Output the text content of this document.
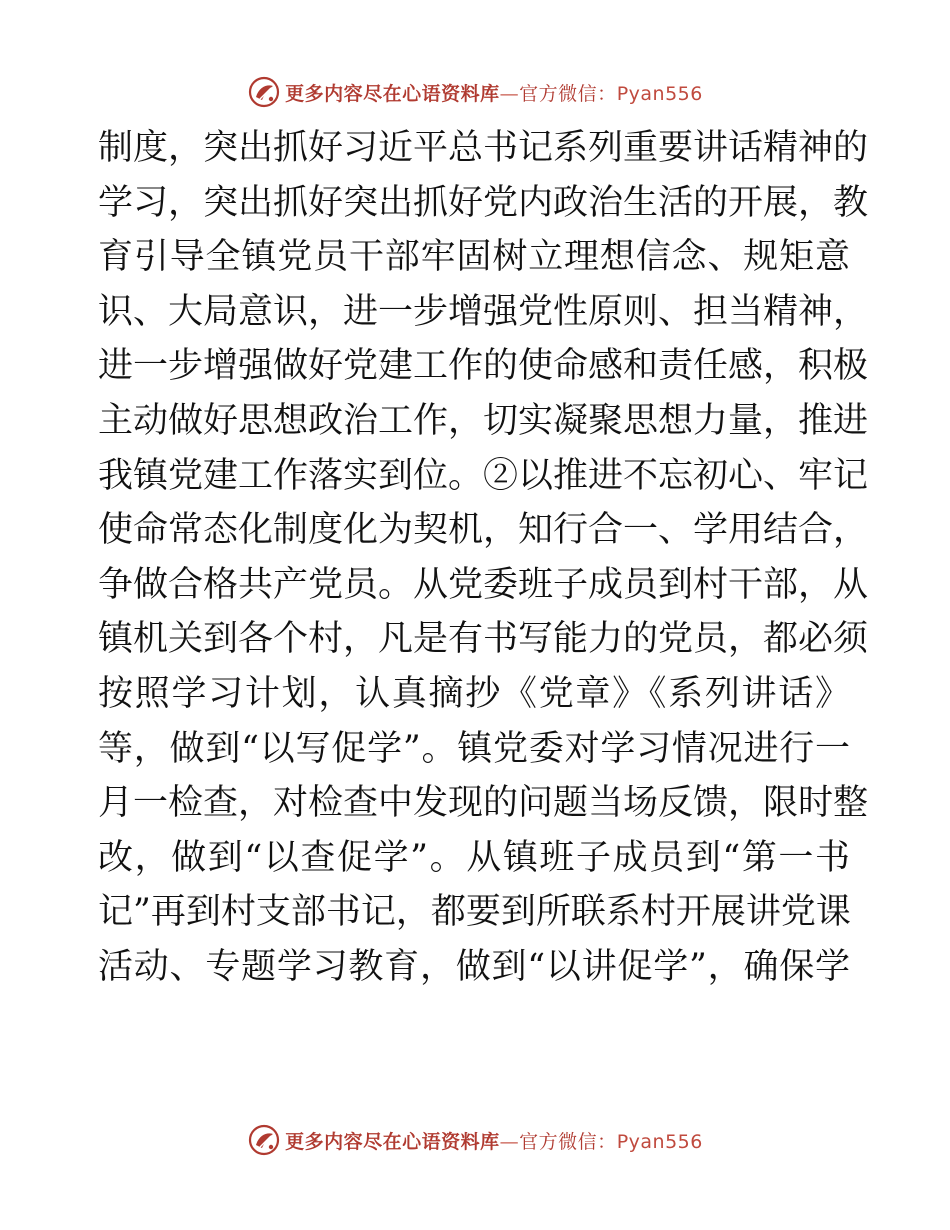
更多内容尽在心语资料库—官方微信：Pyan556
制度，突出抓好习近平总书记系列重要讲话精神的
学习，突出抓好突出抓好党内政治生活的开展，教
育引导全镇党员干部牢固树立理想信念、规矩意
识、大局意识，进一步增强党性原则、担当精神，
进一步增强做好党建工作的使命感和责任感，积极
主动做好思想政治工作，切实凝聚思想力量，推进
我镇党建工作落实到位。②以推进不忘初心、牢记
使命常态化制度化为契机，知行合一、学用结合，
争做合格共产党员。从党委班子成员到村干部，从
镇机关到各个村，凡是有书写能力的党员，都必须
按照学习计划，认真摘抄《党章》《系列讲话》
等，做到“以写促学”。镇党委对学习情况进行一
月一检查，对检查中发现的问题当场反馈，限时整
改，做到“以查促学”。从镇班子成员到“第一书
记”再到村支部书记，都要到所联系村开展讲党课
活动、专题学习教育，做到“以讲促学”，确保学
更多内容尽在心语资料库—官方微信：Pyan556
